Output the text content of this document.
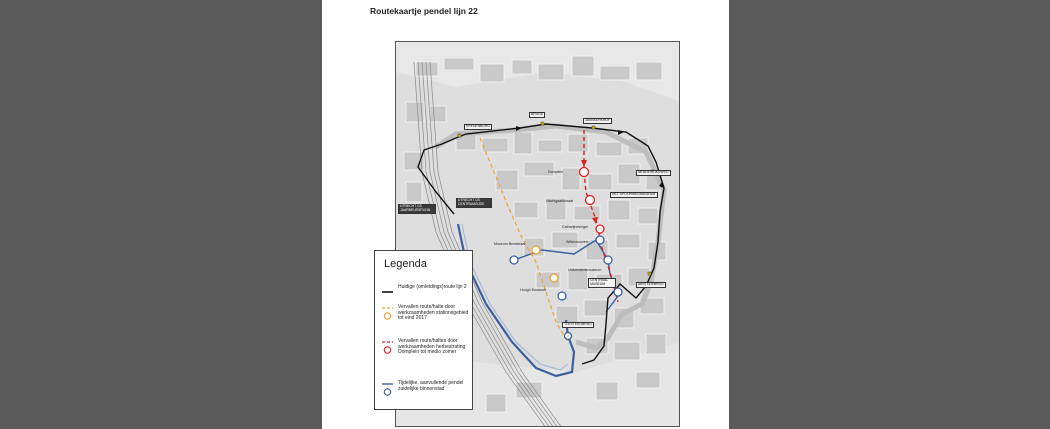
Routekaartje pendel lijn 22
VREDENBURG
BRUGE
JANSKERKHOF
NEUDE/RIJKSWEG
HET SPOORWEGMUSEUM
UTRECHT CS JAARBEURSPLEIN
UTRECHT CS CENTRUMZIJDE
CENTRAAL MUSEUM	ABSTEDEBRUG
TOLSTEEGBRUG
Domplein
Nachtgaaldstraat
Catharijnesingel
Wittevrouwen
Museum Bredstraat
Universiteitsmuseum
Hoogh Boulandt
Legenda
Huidige (omleidings)route lijn 2
Vervallen route/halte door werkzaamheden stationsgebied tot eind 2017
Vervallen route/haltes door werkzaamheden herbestrating Domplein tot medio zomer
Tijdelijke, aanvullende pendel zuidelijke binnenstad
